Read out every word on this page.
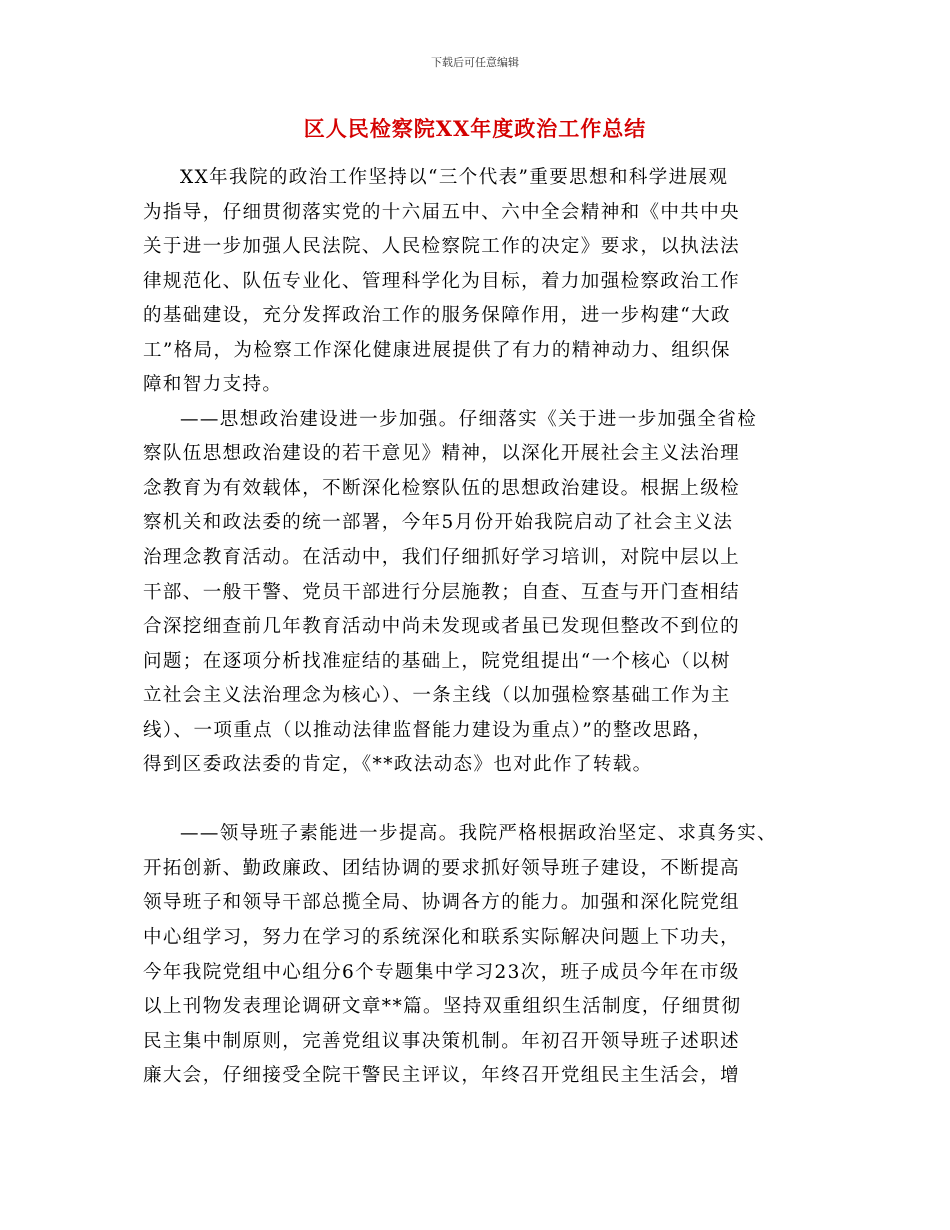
下载后可任意编辑
区人民检察院XX年度政治工作总结
XX年我院的政治工作坚持以“三个代表”重要思想和科学进展观
为指导，仔细贯彻落实党的十六届五中、六中全会精神和《中共中央
关于进一步加强人民法院、人民检察院工作的决定》要求，以执法法
律规范化、队伍专业化、管理科学化为目标，着力加强检察政治工作
的基础建设，充分发挥政治工作的服务保障作用，进一步构建“大政
工”格局，为检察工作深化健康进展提供了有力的精神动力、组织保
障和智力支持。
——思想政治建设进一步加强。仔细落实《关于进一步加强全省检
察队伍思想政治建设的若干意见》精神，以深化开展社会主义法治理
念教育为有效载体，不断深化检察队伍的思想政治建设。根据上级检
察机关和政法委的统一部署，今年5月份开始我院启动了社会主义法
治理念教育活动。在活动中，我们仔细抓好学习培训，对院中层以上
干部、一般干警、党员干部进行分层施教；自查、互查与开门查相结
合深挖细查前几年教育活动中尚未发现或者虽已发现但整改不到位的
问题；在逐项分析找准症结的基础上，院党组提出“一个核心（以树
立社会主义法治理念为核心）、一条主线（以加强检察基础工作为主
线）、一项重点（以推动法律监督能力建设为重点）”的整改思路，
得到区委政法委的肯定，《**政法动态》也对此作了转载。
——领导班子素能进一步提高。我院严格根据政治坚定、求真务实、
开拓创新、勤政廉政、团结协调的要求抓好领导班子建设，不断提高
领导班子和领导干部总揽全局、协调各方的能力。加强和深化院党组
中心组学习，努力在学习的系统深化和联系实际解决问题上下功夫，
今年我院党组中心组分6个专题集中学习23次，班子成员今年在市级
以上刊物发表理论调研文章**篇。坚持双重组织生活制度，仔细贯彻
民主集中制原则，完善党组议事决策机制。年初召开领导班子述职述
廉大会，仔细接受全院干警民主评议，年终召开党组民主生活会，增
